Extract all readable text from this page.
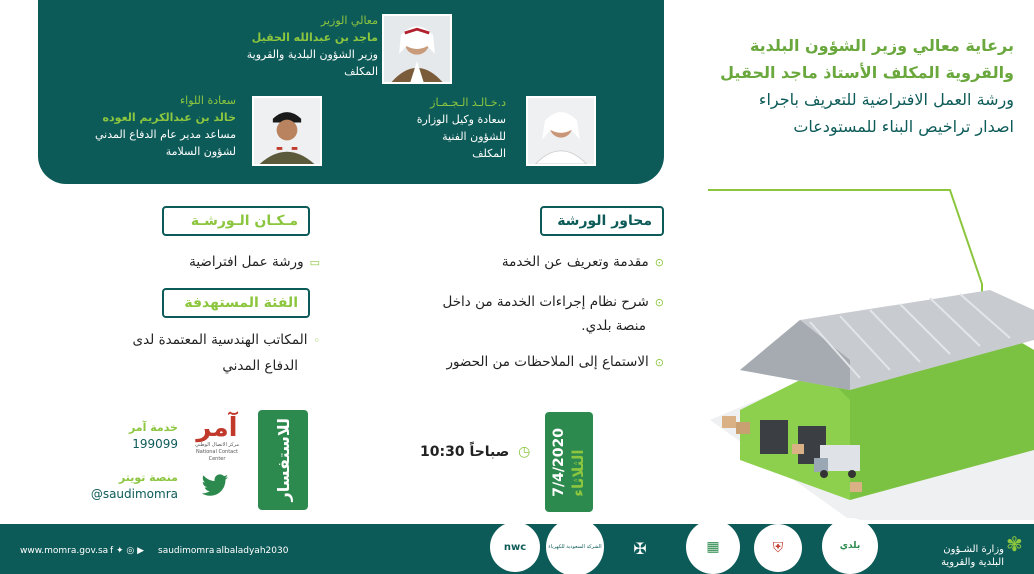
معالي الوزير
ماجد بن عبدالله الحقيل
وزير الشؤون البلدية والقروية
المكلف
سعادة اللواء
خالد بن عبدالكريم العوده
مساعد مدير عام الدفاع المدني
لشؤون السلامة
د.خـالـد الـجـمـاز
سعادة وكيل الوزارة
للشؤون الفنية
المكلف
برعاية معالي وزير الشؤون البلدية
والقروية المكلف الأستاذ ماجد الحقيل
ورشة العمل الافتراضية للتعريف باجراء
اصدار تراخيص البناء للمستودعات
محاور الورشة
⊙مقدمة وتعريف عن الخدمة
⊙شرح نظام إجراءات الخدمة من داخل
منصة بلدي.
⊙الاستماع إلى الملاحظات من الحضور
مـكـان الـورشـة
▭ورشة عمل افتراضية
الفئة المستهدفة
◦المكاتب الهندسية المعتمدة لدى
الدفاع المدني
7/4/2020 الثلاثاء
10:30 صباحاً ◷
للاستفسار
آمر
مركز الاتصال الوطني
National Contact Center
خدمة آمر
199099
منصة تويتر
@saudimomra
www.momra.gov.sa f ✦ ◎ ▶ saudimomra albaladyah2030	nwc	الشركة السعودية للكهرباء ✠	▦	⛨	بلدي	وزارة الشـؤون
البلدية والقروية

✾
